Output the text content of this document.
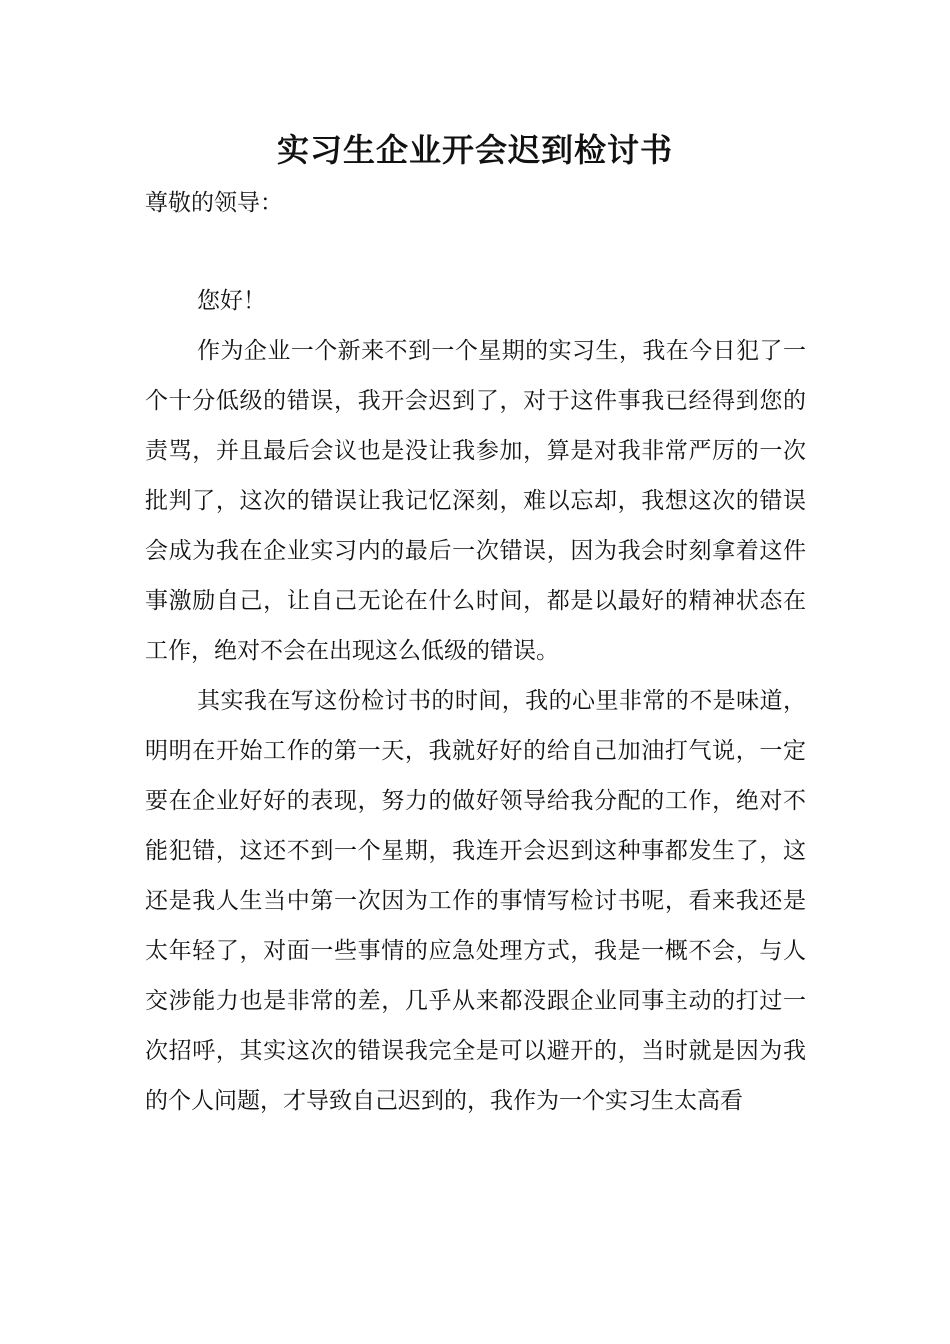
实习生企业开会迟到检讨书
尊敬的领导：
您好！

作为企业一个新来不到一个星期的实习生，我在今日犯了一个十分低级的错误，我开会迟到了，对于这件事我已经得到您的责骂，并且最后会议也是没让我参加，算是对我非常严厉的一次批判了，这次的错误让我记忆深刻，难以忘却，我想这次的错误会成为我在企业实习内的最后一次错误，因为我会时刻拿着这件事激励自己，让自己无论在什么时间，都是以最好的精神状态在工作，绝对不会在出现这么低级的错误。

其实我在写这份检讨书的时间，我的心里非常的不是味道，明明在开始工作的第一天，我就好好的给自己加油打气说，一定要在企业好好的表现，努力的做好领导给我分配的工作，绝对不能犯错，这还不到一个星期，我连开会迟到这种事都发生了，这还是我人生当中第一次因为工作的事情写检讨书呢，看来我还是太年轻了，对面一些事情的应急处理方式，我是一概不会，与人交涉能力也是非常的差，几乎从来都没跟企业同事主动的打过一次招呼，其实这次的错误我完全是可以避开的，当时就是因为我的个人问题，才导致自己迟到的，我作为一个实习生太高看
